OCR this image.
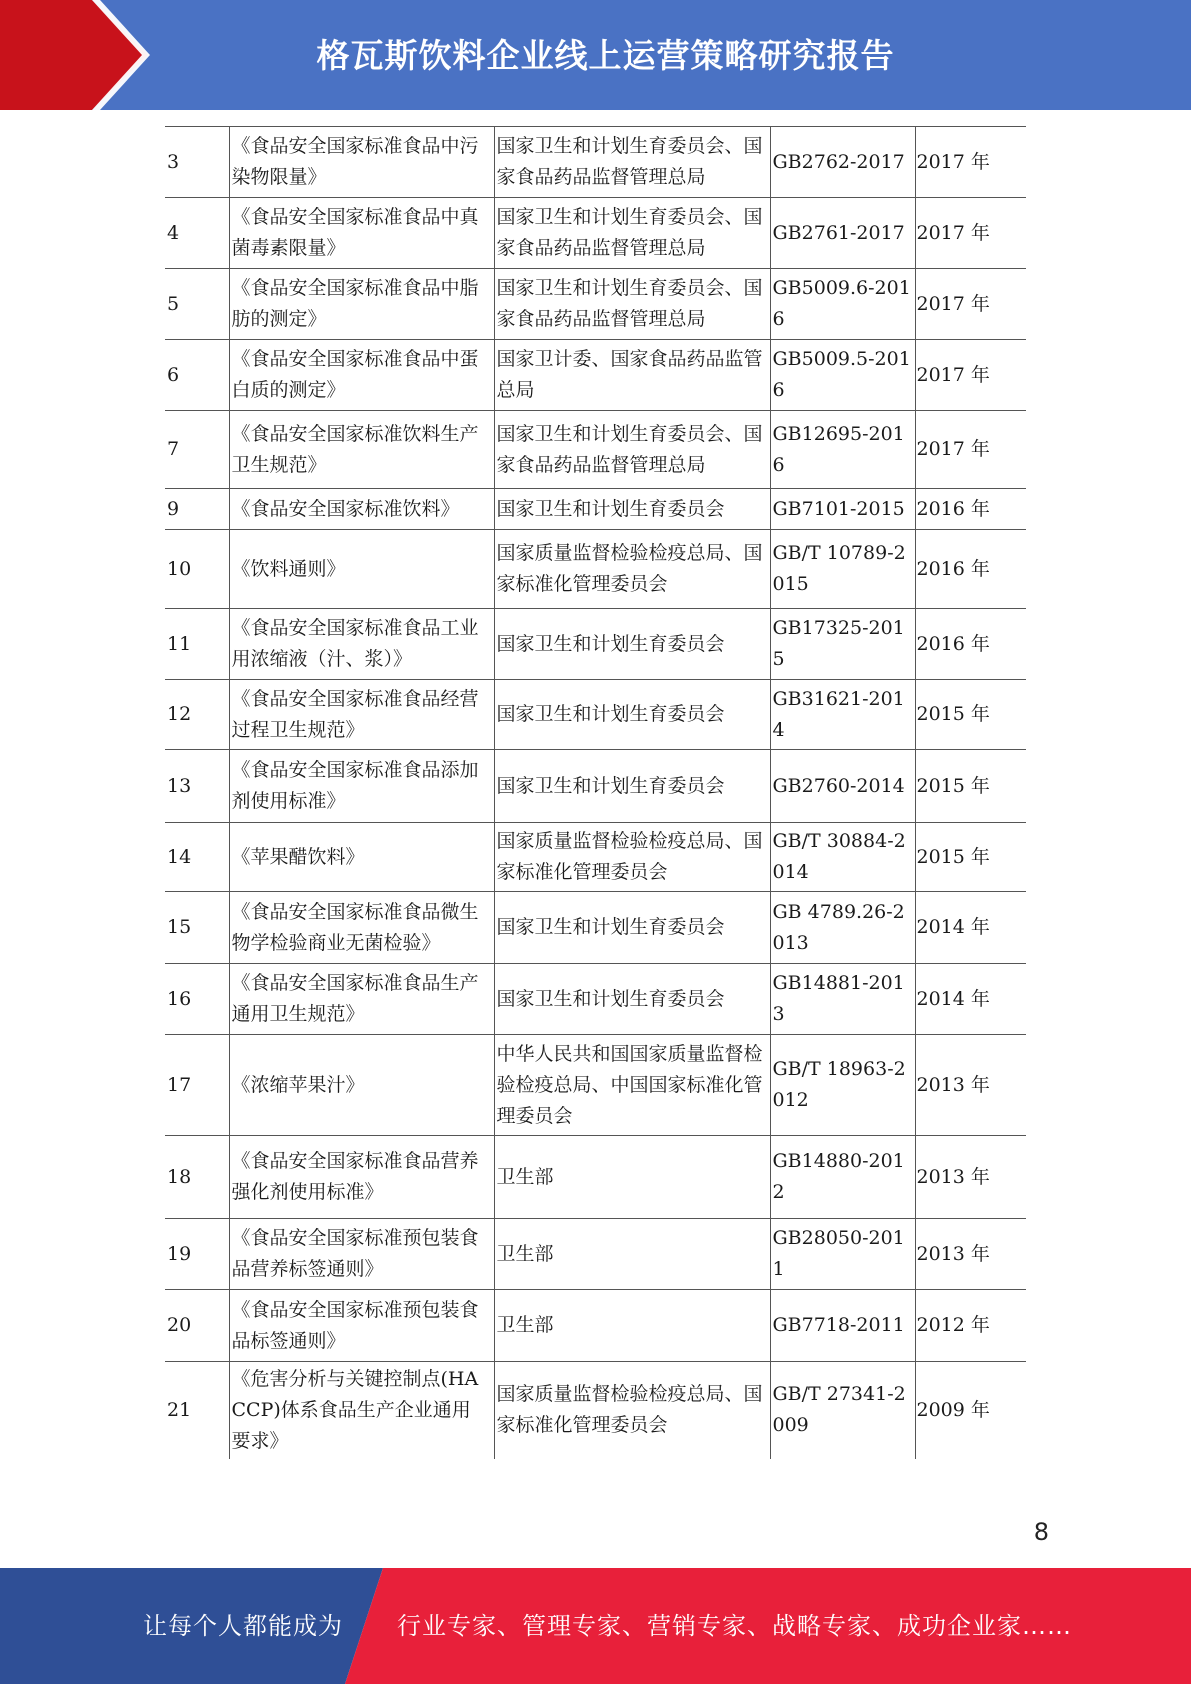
格瓦斯饮料企业线上运营策略研究报告
3	《食品安全国家标准食品中污染物限量》	国家卫生和计划生育委员会、国家食品药品监督管理总局	GB2762-2017	2017 年
4	《食品安全国家标准食品中真菌毒素限量》	国家卫生和计划生育委员会、国家食品药品监督管理总局	GB2761-2017	2017 年
5	《食品安全国家标准食品中脂肪的测定》	国家卫生和计划生育委员会、国家食品药品监督管理总局	GB5009.6-2016	2017 年
6	《食品安全国家标准食品中蛋白质的测定》	国家卫计委、国家食品药品监管总局	GB5009.5-2016	2017 年
7	《食品安全国家标准饮料生产卫生规范》	国家卫生和计划生育委员会、国家食品药品监督管理总局	GB12695-2016	2017 年
9	《食品安全国家标准饮料》	国家卫生和计划生育委员会	GB7101-2015	2016 年
10	《饮料通则》	国家质量监督检验检疫总局、国家标准化管理委员会	GB/T 10789-2015	2016 年
11	《食品安全国家标准食品工业用浓缩液（汁、浆）》	国家卫生和计划生育委员会	GB17325-2015	2016 年
12	《食品安全国家标准食品经营过程卫生规范》	国家卫生和计划生育委员会	GB31621-2014	2015 年
13	《食品安全国家标准食品添加剂使用标准》	国家卫生和计划生育委员会	GB2760-2014	2015 年
14	《苹果醋饮料》	国家质量监督检验检疫总局、国家标准化管理委员会	GB/T 30884-2014	2015 年
15	《食品安全国家标准食品微生物学检验商业无菌检验》	国家卫生和计划生育委员会	GB 4789.26-2013	2014 年
16	《食品安全国家标准食品生产通用卫生规范》	国家卫生和计划生育委员会	GB14881-2013	2014 年
17	《浓缩苹果汁》	中华人民共和国国家质量监督检验检疫总局、中国国家标准化管理委员会	GB/T 18963-2012	2013 年
18	《食品安全国家标准食品营养强化剂使用标准》	卫生部	GB14880-2012	2013 年
19	《食品安全国家标准预包装食品营养标签通则》	卫生部	GB28050-2011	2013 年
20	《食品安全国家标准预包装食品标签通则》	卫生部	GB7718-2011	2012 年
21	《危害分析与关键控制点(HACCP)体系食品生产企业通用要求》	国家质量监督检验检疫总局、国家标准化管理委员会	GB/T 27341-2009	2009 年
8
让每个人都能成为 行业专家、管理专家、营销专家、战略专家、成功企业家……
